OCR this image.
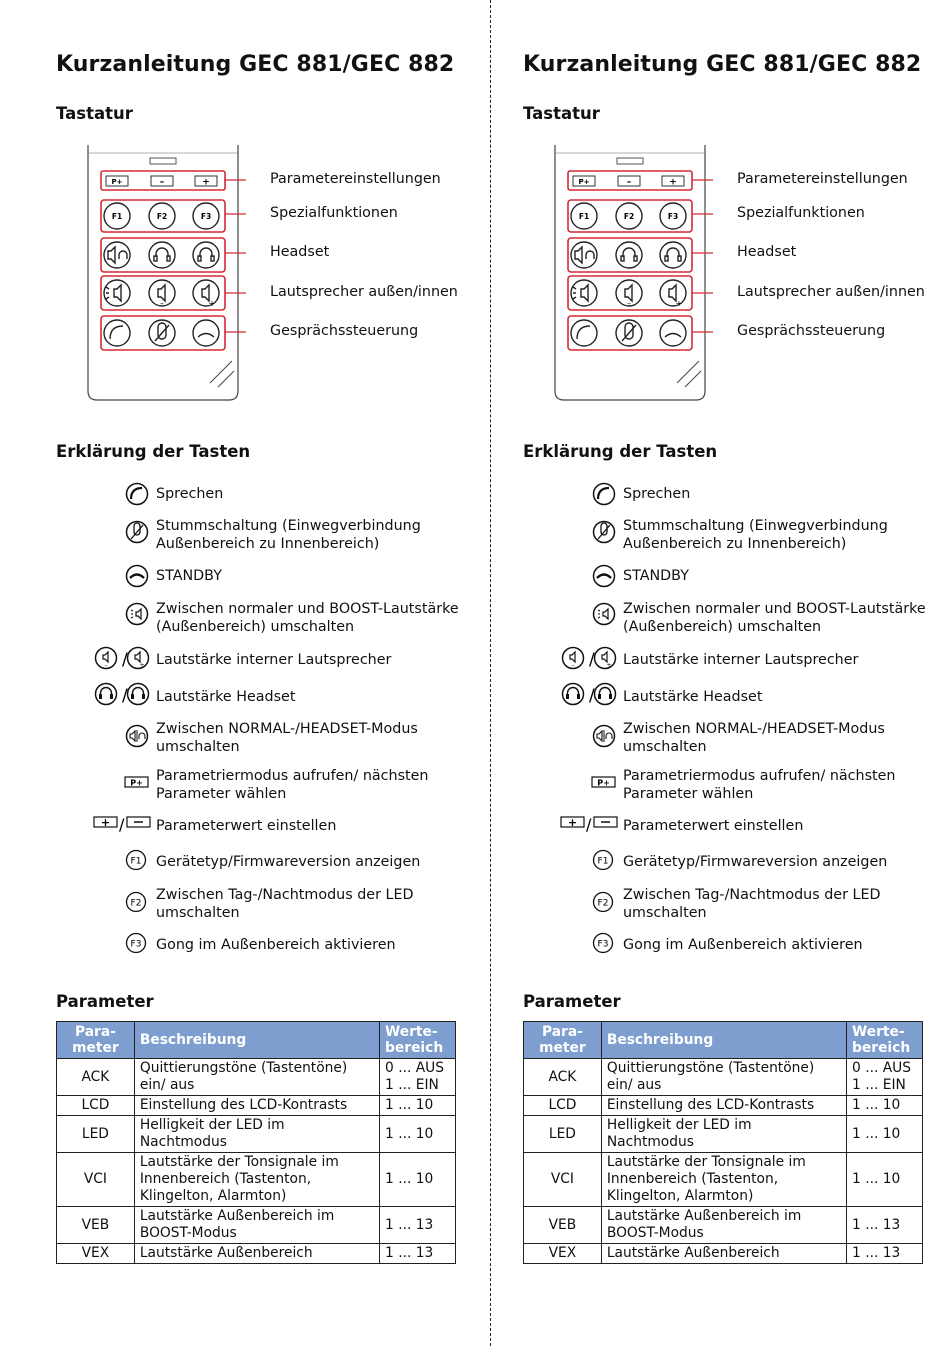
Kurzanleitung GEC 881/GEC 882
Tastatur
P+	–	+
F1	F2	F3
–	+
Parametereinstellungen
Spezialfunktionen
Headset
Lautsprecher außen/innen
Gesprächssteuerung
Erklärung der Tasten
Sprechen
Stummschaltung (Einwegverbindung Außenbereich zu Innenbereich)
STANDBY
Zwischen normaler und BOOST-Lautstärke (Außenbereich) umschalten
– / + Lautstärke interner Lautsprecher
/ Lautstärke Headset
Zwischen NORMAL-/HEADSET-Modus umschalten
P+ Parametriermodus aufrufen/ nächsten Parameter wählen
+ / Parameterwert einstellen
F1 Gerätetyp/Firmwareversion anzeigen
F2
Zwischen Tag-/Nachtmodus der LED umschalten
F3 Gong im Außenbereich aktivieren
Parameter
Para-meter	Beschreibung	Werte-bereich
ACK	Quittierungstöne (Tastentöne) ein/ aus	0 ... AUS 1 ... EIN
LCD	Einstellung des LCD-Kontrasts	1 ... 10
LED	Helligkeit der LED im Nachtmodus	1 ... 10
VCI	Lautstärke der Tonsignale im Innenbereich (Tastenton, Klingelton, Alarmton)	1 ... 10
VEB	Lautstärke Außenbereich im BOOST-Modus	1 ... 13
VEX	Lautstärke Außenbereich	1 ... 13
Kurzanleitung GEC 881/GEC 882
Tastatur
P+	–	+
F1	F2	F3
–	+
Parametereinstellungen
Spezialfunktionen
Headset
Lautsprecher außen/innen
Gesprächssteuerung
Erklärung der Tasten
Sprechen
Stummschaltung (Einwegverbindung Außenbereich zu Innenbereich)
STANDBY
Zwischen normaler und BOOST-Lautstärke (Außenbereich) umschalten
– / + Lautstärke interner Lautsprecher
/ Lautstärke Headset
Zwischen NORMAL-/HEADSET-Modus umschalten
P+ Parametriermodus aufrufen/ nächsten Parameter wählen
+ / Parameterwert einstellen
F1 Gerätetyp/Firmwareversion anzeigen
F2
Zwischen Tag-/Nachtmodus der LED umschalten
F3 Gong im Außenbereich aktivieren
Parameter
Para-meter	Beschreibung	Werte-bereich
ACK	Quittierungstöne (Tastentöne) ein/ aus	0 ... AUS 1 ... EIN
LCD	Einstellung des LCD-Kontrasts	1 ... 10
LED	Helligkeit der LED im Nachtmodus	1 ... 10
VCI	Lautstärke der Tonsignale im Innenbereich (Tastenton, Klingelton, Alarmton)	1 ... 10
VEB	Lautstärke Außenbereich im BOOST-Modus	1 ... 13
VEX	Lautstärke Außenbereich	1 ... 13
